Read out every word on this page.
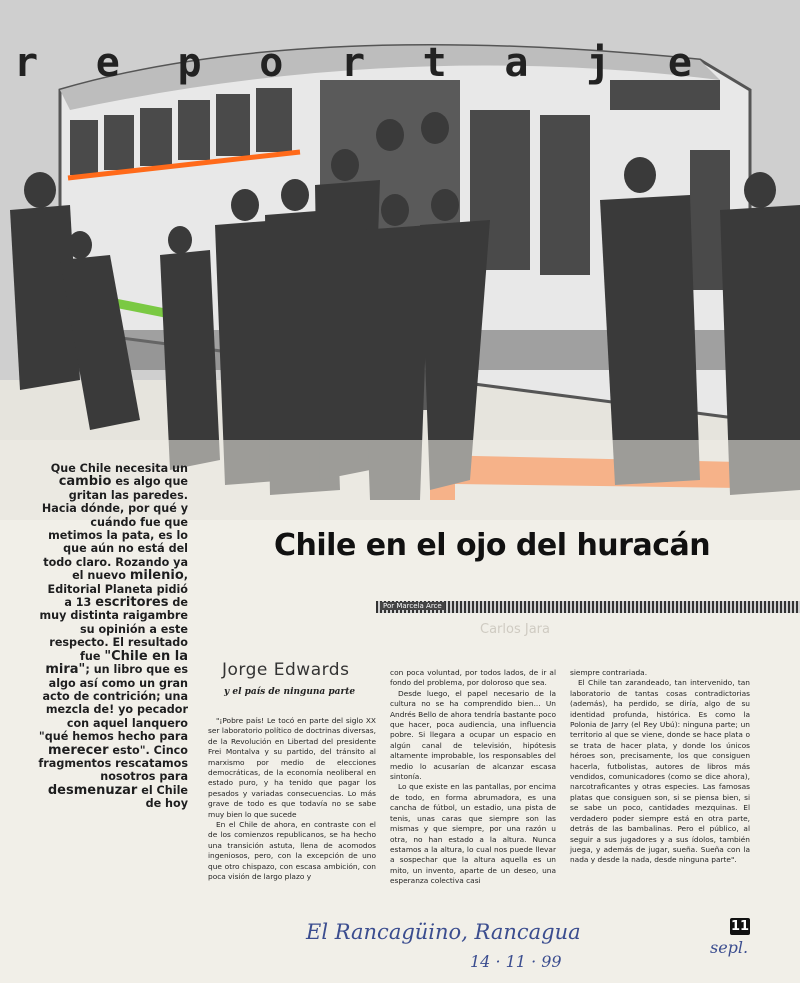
r e p o r t a j e
Que Chile necesita un cambio es algo que gritan las paredes. Hacia dónde, por qué y cuándo fue que metimos la pata, es lo que aún no está del todo claro. Rozando ya el nuevo milenio, Editorial Planeta pidió a 13 escritores de muy distinta raigambre su opinión a este respecto. El resultado fue "Chile en la mira"; un libro que es algo así como un gran acto de contrición; una mezcla de! yo pecador con aquel lanquero "qué hemos hecho para merecer esto". Cinco fragmentos rescatamos nosotros para desmenuzar el Chile de hoy
Chile en el ojo del huracán
Por Marcela Arce
Carlos Jara
Jorge Edwards
y el país de ninguna parte

"¡Pobre país! Le tocó en parte del siglo XX ser laboratorio político de doctrinas diversas, de la Revolución en Libertad del presidente Frei Montalva y su partido, del tránsito al marxismo por medio de elecciones democráticas, de la economía neoliberal en estado puro, y ha tenido que pagar los pesados y variadas consecuencias. Lo más grave de todo es que todavía no se sabe muy bien lo que sucede

En el Chile de ahora, en contraste con el de los comienzos republicanos, se ha hecho una transición astuta, llena de acomodos ingeniosos, pero, con la excepción de uno que otro chispazo, con escasa ambición, con poca visión de largo plazo y

con poca voluntad, por todos lados, de ir al fondo del problema, por doloroso que sea.

Desde luego, el papel necesario de la cultura no se ha comprendido bien... Un Andrés Bello de ahora tendría bastante poco que hacer, poca audiencia, una influencia pobre. Si llegara a ocupar un espacio en algún canal de televisión, hipótesis altamente improbable, los responsables del medio lo acusarían de alcanzar escasa sintonía.

Lo que existe en las pantallas, por encima de todo, en forma abrumadora, es una cancha de fútbol, un estadio, una pista de tenis, unas caras que siempre son las mismas y que siempre, por una razón u otra, no han estado a la altura. Nunca estamos a la altura, lo cual nos puede llevar a sospechar que la altura aquella es un mito, un invento, aparte de un deseo, una esperanza colectiva casi

siempre contrariada.

El Chile tan zarandeado, tan intervenido, tan laboratorio de tantas cosas contradictorias (además), ha perdido, se diría, algo de su identidad profunda, histórica. Es como la Polonia de Jarry (el Rey Ubú): ninguna parte; un territorio al que se viene, donde se hace plata o se trata de hacer plata, y donde los únicos héroes son, precisamente, los que consiguen hacerla, futbolistas, autores de libros más vendidos, comunicadores (como se dice ahora), narcotraficantes y otras especies. Las famosas platas que consiguen son, si se piensa bien, si se sabe un poco, cantidades mezquinas. El verdadero poder siempre está en otra parte, detrás de las bambalinas. Pero el público, al seguir a sus jugadores y a sus ídolos, también juega, y además de jugar, sueña. Sueña con la nada y desde la nada, desde ninguna parte".

11
El Rancagüino, Rancagua
14 · 11 · 99
sepl.
